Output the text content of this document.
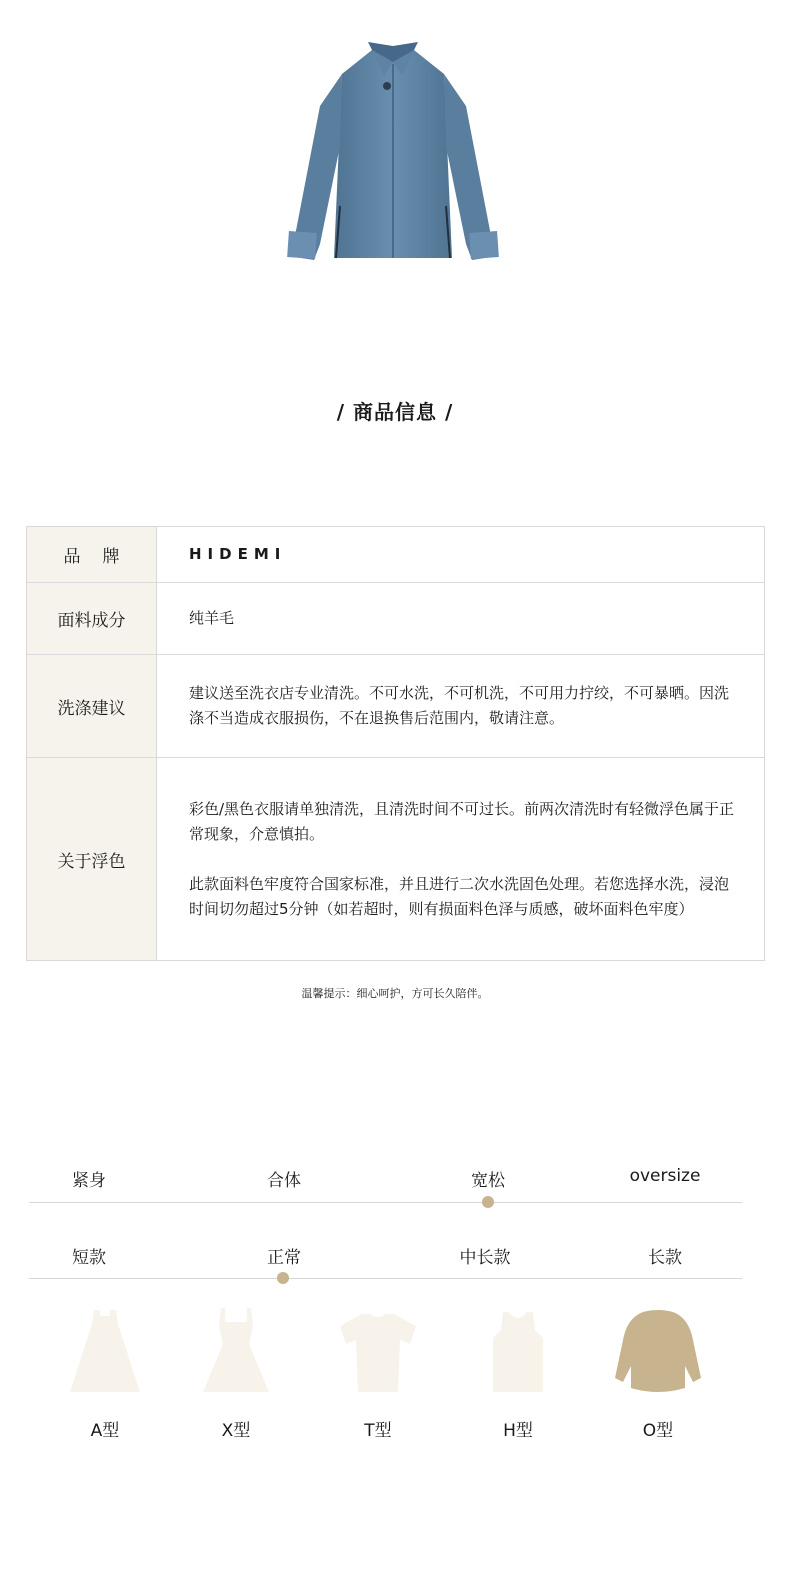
/ 商品信息 /
品牌	HIDEMI
面料成分	纯羊毛
洗涤建议	建议送至洗衣店专业清洗。不可水洗，不可机洗，不可用力拧绞，不可暴晒。因洗涤不当造成衣服损伤，不在退换售后范围内，敬请注意。
关于浮色	彩色/黑色衣服请单独清洗，且清洗时间不可过长。前两次清洗时有轻微浮色属于正常现象，介意慎拍。
此款面料色牢度符合国家标准，并且进行二次水洗固色处理。若您选择水洗，浸泡时间切勿超过5分钟（如若超时，则有损面料色泽与质感，破坏面料色牢度）
温馨提示：细心呵护，方可长久陪伴。
紧身	合体	宽松	oversize
短款	正常	中长款	长款
A型	X型	T型	H型	O型
